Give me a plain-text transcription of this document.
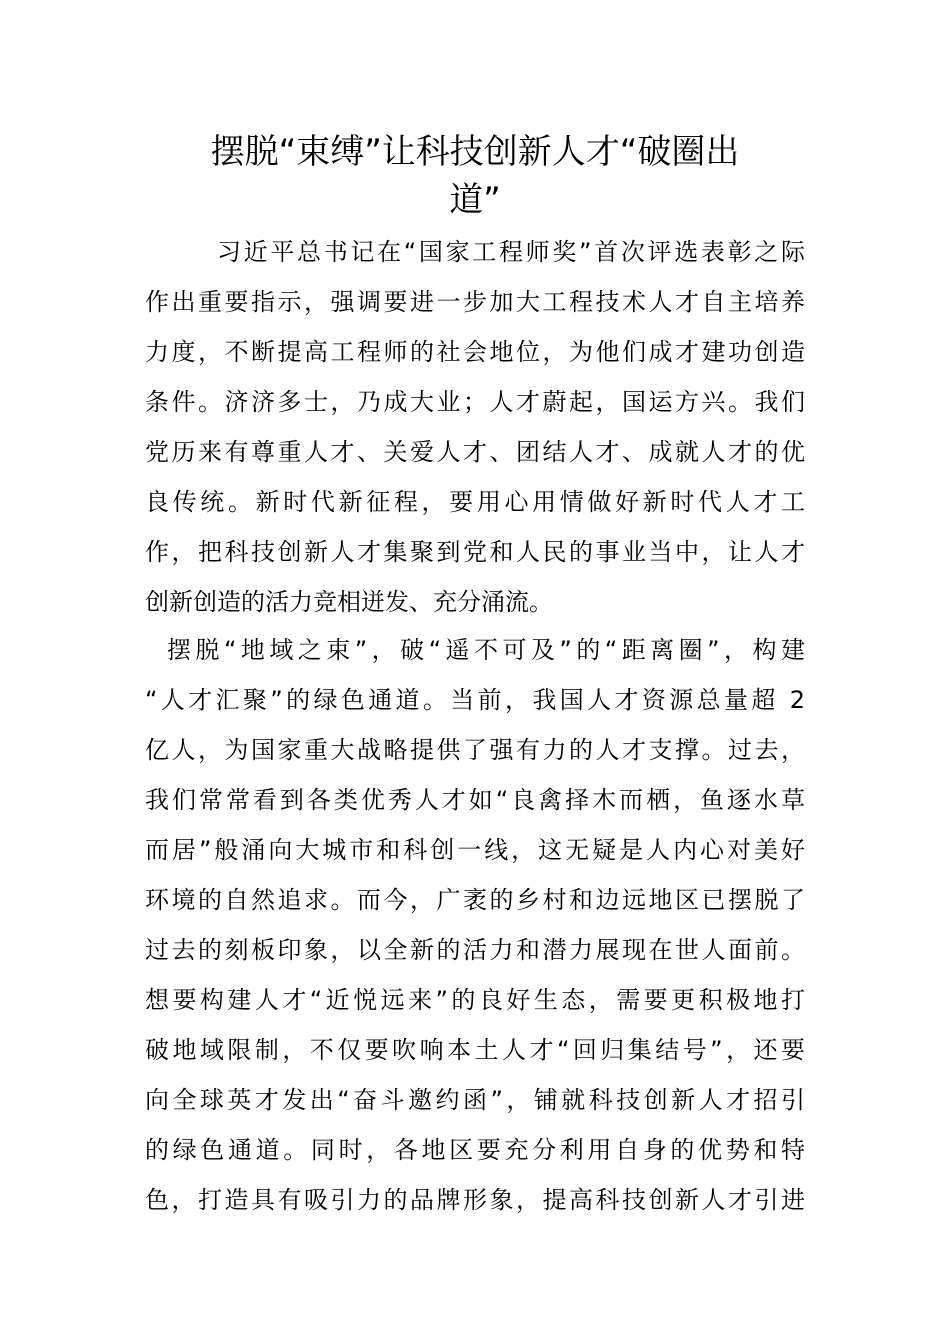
摆脱“束缚”让科技创新人才“破圈出
道”
习近平总书记在“国家工程师奖”首次评选表彰之际
作出重要指示，强调要进一步加大工程技术人才自主培养
力度，不断提高工程师的社会地位，为他们成才建功创造
条件。济济多士，乃成大业；人才蔚起，国运方兴。我们
党历来有尊重人才、关爱人才、团结人才、成就人才的优
良传统。新时代新征程，要用心用情做好新时代人才工
作，把科技创新人才集聚到党和人民的事业当中，让人才
创新创造的活力竞相迸发、充分涌流。
摆脱“地域之束”，破“遥不可及”的“距离圈”，构建
“人才汇聚”的绿色通道。当前，我国人才资源总量超 2
亿人，为国家重大战略提供了强有力的人才支撑。过去，
我们常常看到各类优秀人才如“良禽择木而栖，鱼逐水草
而居”般涌向大城市和科创一线，这无疑是人内心对美好
环境的自然追求。而今，广袤的乡村和边远地区已摆脱了
过去的刻板印象，以全新的活力和潜力展现在世人面前。
想要构建人才“近悦远来”的良好生态，需要更积极地打
破地域限制，不仅要吹响本土人才“回归集结号”，还要
向全球英才发出“奋斗邀约函”，铺就科技创新人才招引
的绿色通道。同时，各地区要充分利用自身的优势和特
色，打造具有吸引力的品牌形象，提高科技创新人才引进
